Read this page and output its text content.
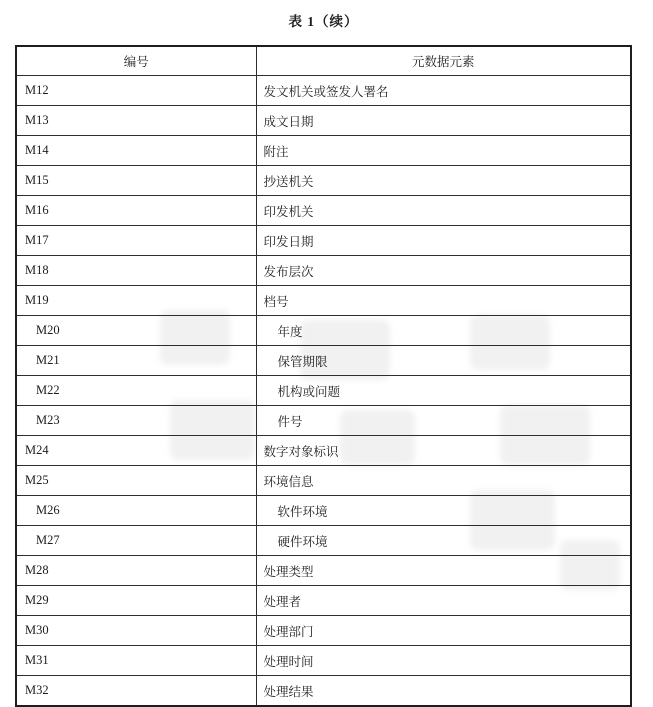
表 1（续）
编号	元数据元素
M12	发文机关或签发人署名
M13	成文日期
M14	附注
M15	抄送机关
M16	印发机关
M17	印发日期
M18	发布层次
M19	档号
M20	年度
M21	保管期限
M22	机构或问题
M23	件号
M24	数字对象标识
M25	环境信息
M26	软件环境
M27	硬件环境
M28	处理类型
M29	处理者
M30	处理部门
M31	处理时间
M32	处理结果
